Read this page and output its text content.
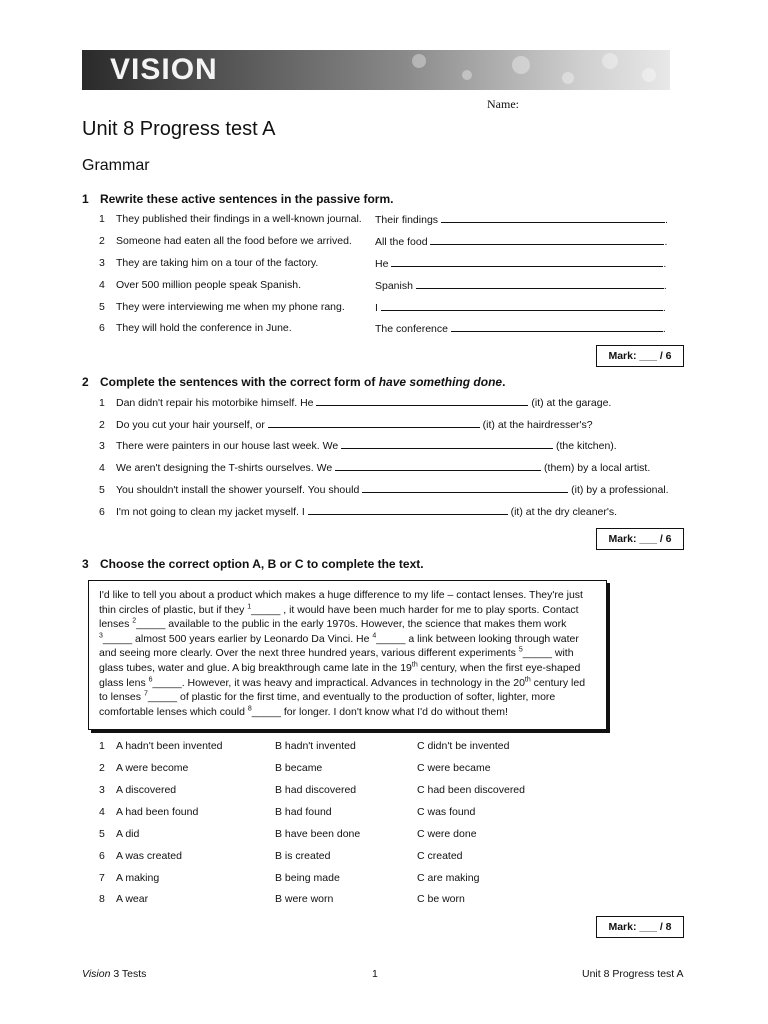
VISION
Name:
Unit 8 Progress test A
Grammar
1 Rewrite these active sentences in the passive form.
1 They published their findings in a well-known journal. Their findings	.
2 Someone had eaten all the food before we arrived. All the food	.
3 They are taking him on a tour of the factory.	He	.
4 Over 500 million people speak Spanish.	Spanish	.
5 They were interviewing me when my phone rang.	I	.
6 They will hold the conference in June.	The conference	.
Mark: ___ / 6
2 Complete the sentences with the correct form of have something done.
1 Dan didn't repair his motorbike himself. He	(it) at the garage.
2 Do you cut your hair yourself, or	(it) at the hairdresser's?
3 There were painters in our house last week. We	(the kitchen).
4 We aren't designing the T-shirts ourselves. We	(them) by a local artist.
5 You shouldn't install the shower yourself. You should	(it) by a professional.
6 I'm not going to clean my jacket myself. I	(it) at the dry cleaner's.
Mark: ___ / 6
3 Choose the correct option A, B or C to complete the text.
I'd like to tell you about a product which makes a huge difference to my life – contact lenses. They're just thin circles of plastic, but if they $^1$_____ , it would have been much harder for me to play sports. Contact lenses $^2$_____ available to the public in the early 1970s. However, the science that makes them work $^3$_____ almost 500 years earlier by Leonardo Da Vinci. He $^4$_____ a link between looking through water and seeing more clearly. Over the next three hundred years, various different experiments $^5$_____ with glass tubes, water and glue. A big breakthrough came late in the 19th century, when the first eye-shaped glass lens $^6$_____. However, it was heavy and impractical. Advances in technology in the 20th century led to lenses $^7$_____ of plastic for the first time, and eventually to the production of softer, lighter, more comfortable lenses which could $^8$_____ for longer. I don't know what I'd do without them!
1 A hadn't been invented	B hadn't invented	C didn't be invented
2 A were become	B became	C were became
3 A discovered	B had discovered	C had been discovered
4 A had been found	B had found	C was found
5 A did	B have been done	C were done
6 A was created	B is created	C created
7 A making	B being made	C are making
8 A wear	B were worn	C be worn
Mark: ___ / 8
Vision 3 Tests	1	Unit 8 Progress test A
